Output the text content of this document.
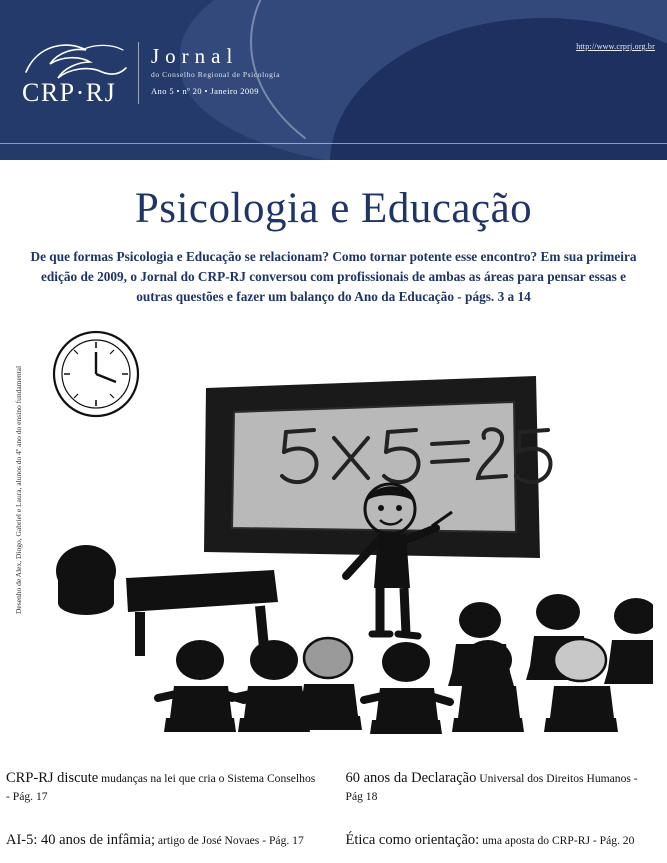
http://www.crprj.org.br
CRP·RJ
Jornal
do Conselho Regional de Psicologia
Ano 5 • nº 20 • Janeiro 2009
Psicologia e Educação
De que formas Psicologia e Educação se relacionam? Como tornar potente esse encontro? Em sua primeira edição de 2009, o Jornal do CRP-RJ conversou com profissionais de ambas as áreas para pensar essas e outras questões e fazer um balanço do Ano da Educação - págs. 3 a 14
Desenho de Alex, Diogo, Gabriel e Laura, alunos do 4º ano do ensino fundamental
CRP-RJ discute mudanças na lei que cria o Sistema Conselhos - Pág. 17
AI-5: 40 anos de infâmia; artigo de José Novaes - Pág. 17
60 anos da Declaração Universal dos Direitos Humanos - Pág 18
Ética como orientação: uma aposta do CRP-RJ - Pág. 20
